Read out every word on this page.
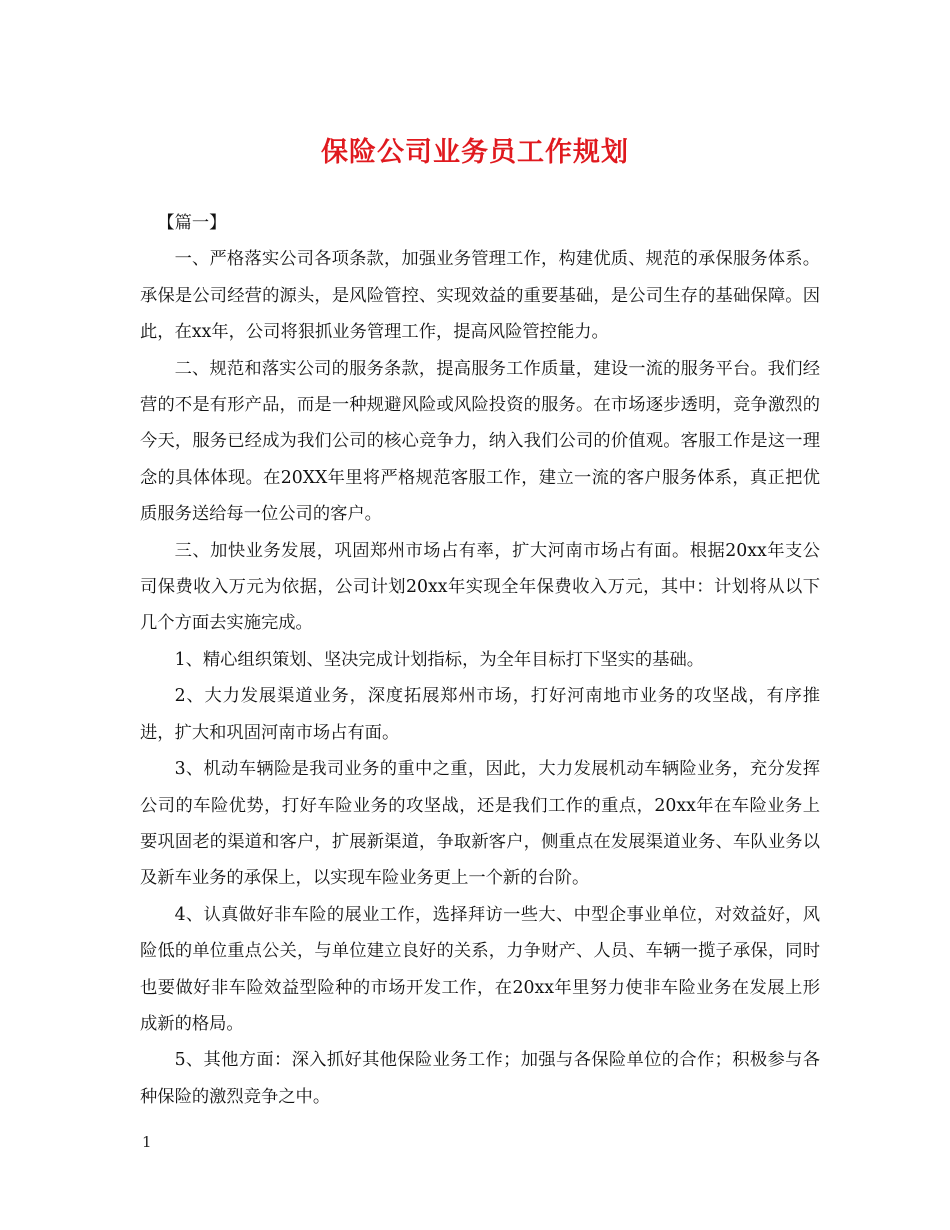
保险公司业务员工作规划

【篇一】

一、严格落实公司各项条款，加强业务管理工作，构建优质、规范的承保服务体系。承保是公司经营的源头，是风险管控、实现效益的重要基础，是公司生存的基础保障。因此，在xx年，公司将狠抓业务管理工作，提高风险管控能力。

二、规范和落实公司的服务条款，提高服务工作质量，建设一流的服务平台。我们经营的不是有形产品，而是一种规避风险或风险投资的服务。在市场逐步透明，竞争激烈的今天，服务已经成为我们公司的核心竞争力，纳入我们公司的价值观。客服工作是这一理念的具体体现。在20XX年里将严格规范客服工作，建立一流的客户服务体系，真正把优质服务送给每一位公司的客户。

三、加快业务发展，巩固郑州市场占有率，扩大河南市场占有面。根据20xx年支公司保费收入万元为依据，公司计划20xx年实现全年保费收入万元，其中：计划将从以下几个方面去实施完成。

1、精心组织策划、坚决完成计划指标，为全年目标打下坚实的基础。

2、大力发展渠道业务，深度拓展郑州市场，打好河南地市业务的攻坚战，有序推进，扩大和巩固河南市场占有面。

3、机动车辆险是我司业务的重中之重，因此，大力发展机动车辆险业务，充分发挥公司的车险优势，打好车险业务的攻坚战，还是我们工作的重点，20xx年在车险业务上要巩固老的渠道和客户，扩展新渠道，争取新客户，侧重点在发展渠道业务、车队业务以及新车业务的承保上，以实现车险业务更上一个新的台阶。

4、认真做好非车险的展业工作，选择拜访一些大、中型企事业单位，对效益好，风险低的单位重点公关，与单位建立良好的关系，力争财产、人员、车辆一揽子承保，同时也要做好非车险效益型险种的市场开发工作，在20xx年里努力使非车险业务在发展上形成新的格局。

5、其他方面：深入抓好其他保险业务工作；加强与各保险单位的合作；积极参与各种保险的激烈竞争之中。

1
